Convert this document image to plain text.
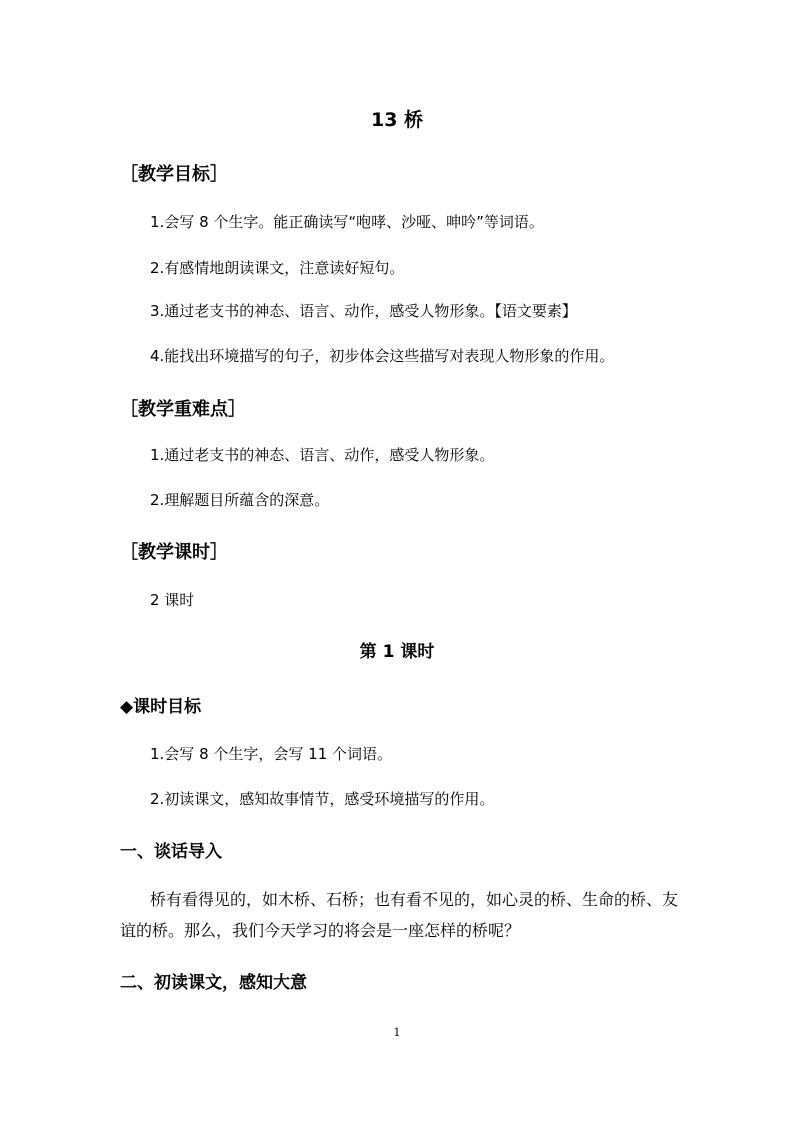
13 桥
［教学目标］
1.会写 8 个生字。能正确读写“咆哮、沙哑、呻吟”等词语。
2.有感情地朗读课文，注意读好短句。
3.通过老支书的神态、语言、动作，感受人物形象。【语文要素】
4.能找出环境描写的句子，初步体会这些描写对表现人物形象的作用。
［教学重难点］
1.通过老支书的神态、语言、动作，感受人物形象。
2.理解题目所蕴含的深意。
［教学课时］
2 课时
第 1 课时
◆课时目标
1.会写 8 个生字，会写 11 个词语。
2.初读课文，感知故事情节，感受环境描写的作用。
一、谈话导入
桥有看得见的，如木桥、石桥；也有看不见的，如心灵的桥、生命的桥、友
谊的桥。那么，我们今天学习的将会是一座怎样的桥呢？
二、初读课文，感知大意
1
